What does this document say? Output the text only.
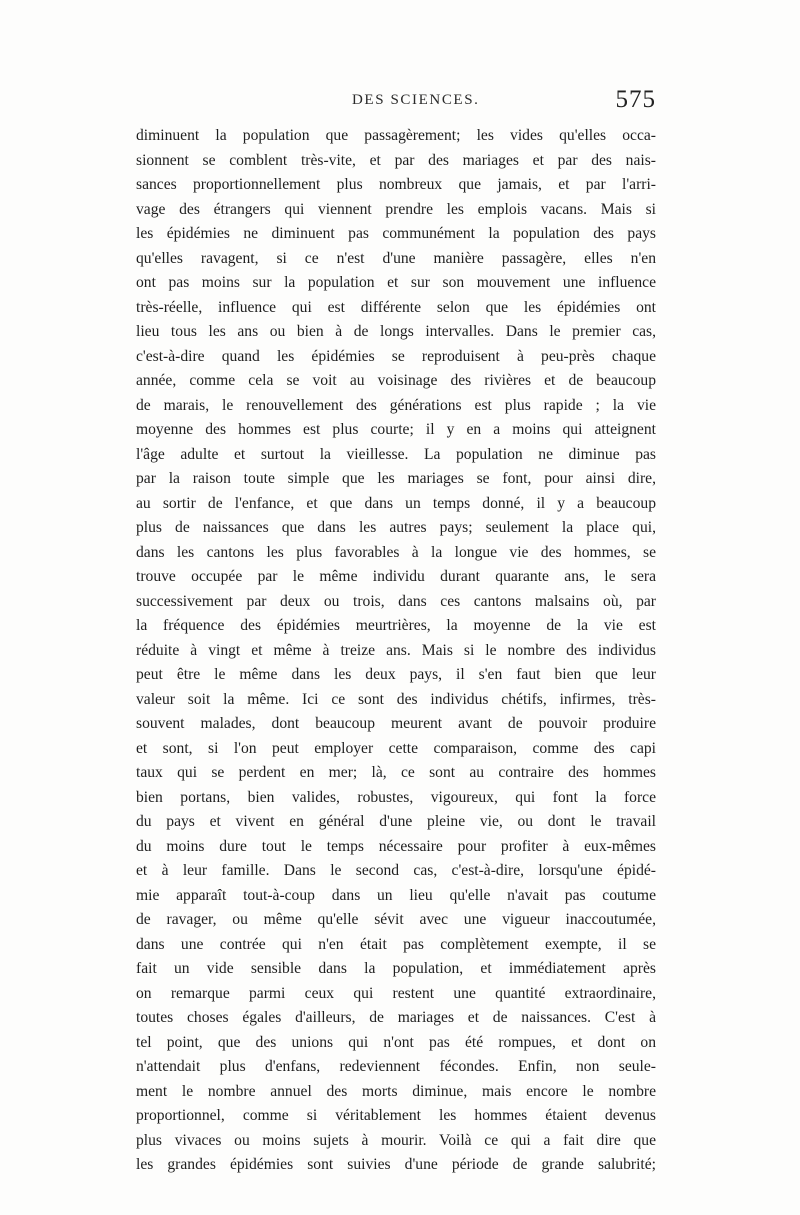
DES SCIENCES.	575
diminuent la population que passagèrement; les vides qu'elles occa-
sionnent se comblent très-vite, et par des mariages et par des nais-
sances proportionnellement plus nombreux que jamais, et par l'arri-
vage des étrangers qui viennent prendre les emplois vacans. Mais si
les épidémies ne diminuent pas communément la population des pays
qu'elles ravagent, si ce n'est d'une manière passagère, elles n'en
ont pas moins sur la population et sur son mouvement une influence
très-réelle, influence qui est différente selon que les épidémies ont
lieu tous les ans ou bien à de longs intervalles. Dans le premier cas,
c'est-à-dire quand les épidémies se reproduisent à peu-près chaque
année, comme cela se voit au voisinage des rivières et de beaucoup
de marais, le renouvellement des générations est plus rapide ; la vie
moyenne des hommes est plus courte; il y en a moins qui atteignent
l'âge adulte et surtout la vieillesse. La population ne diminue pas
par la raison toute simple que les mariages se font, pour ainsi dire,
au sortir de l'enfance, et que dans un temps donné, il y a beaucoup
plus de naissances que dans les autres pays; seulement la place qui,
dans les cantons les plus favorables à la longue vie des hommes, se
trouve occupée par le même individu durant quarante ans, le sera
successivement par deux ou trois, dans ces cantons malsains où, par
la fréquence des épidémies meurtrières, la moyenne de la vie est
réduite à vingt et même à treize ans. Mais si le nombre des individus
peut être le même dans les deux pays, il s'en faut bien que leur
valeur soit la même. Ici ce sont des individus chétifs, infirmes, très-
souvent malades, dont beaucoup meurent avant de pouvoir produire
et sont, si l'on peut employer cette comparaison, comme des capi
taux qui se perdent en mer; là, ce sont au contraire des hommes
bien portans, bien valides, robustes, vigoureux, qui font la force
du pays et vivent en général d'une pleine vie, ou dont le travail
du moins dure tout le temps nécessaire pour profiter à eux-mêmes
et à leur famille. Dans le second cas, c'est-à-dire, lorsqu'une épidé-
mie apparaît tout-à-coup dans un lieu qu'elle n'avait pas coutume
de ravager, ou même qu'elle sévit avec une vigueur inaccoutumée,
dans une contrée qui n'en était pas complètement exempte, il se
fait un vide sensible dans la population, et immédiatement après
on remarque parmi ceux qui restent une quantité extraordinaire,
toutes choses égales d'ailleurs, de mariages et de naissances. C'est à
tel point, que des unions qui n'ont pas été rompues, et dont on
n'attendait plus d'enfans, redeviennent fécondes. Enfin, non seule-
ment le nombre annuel des morts diminue, mais encore le nombre
proportionnel, comme si véritablement les hommes étaient devenus
plus vivaces ou moins sujets à mourir. Voilà ce qui a fait dire que
les grandes épidémies sont suivies d'une période de grande salubrité;
